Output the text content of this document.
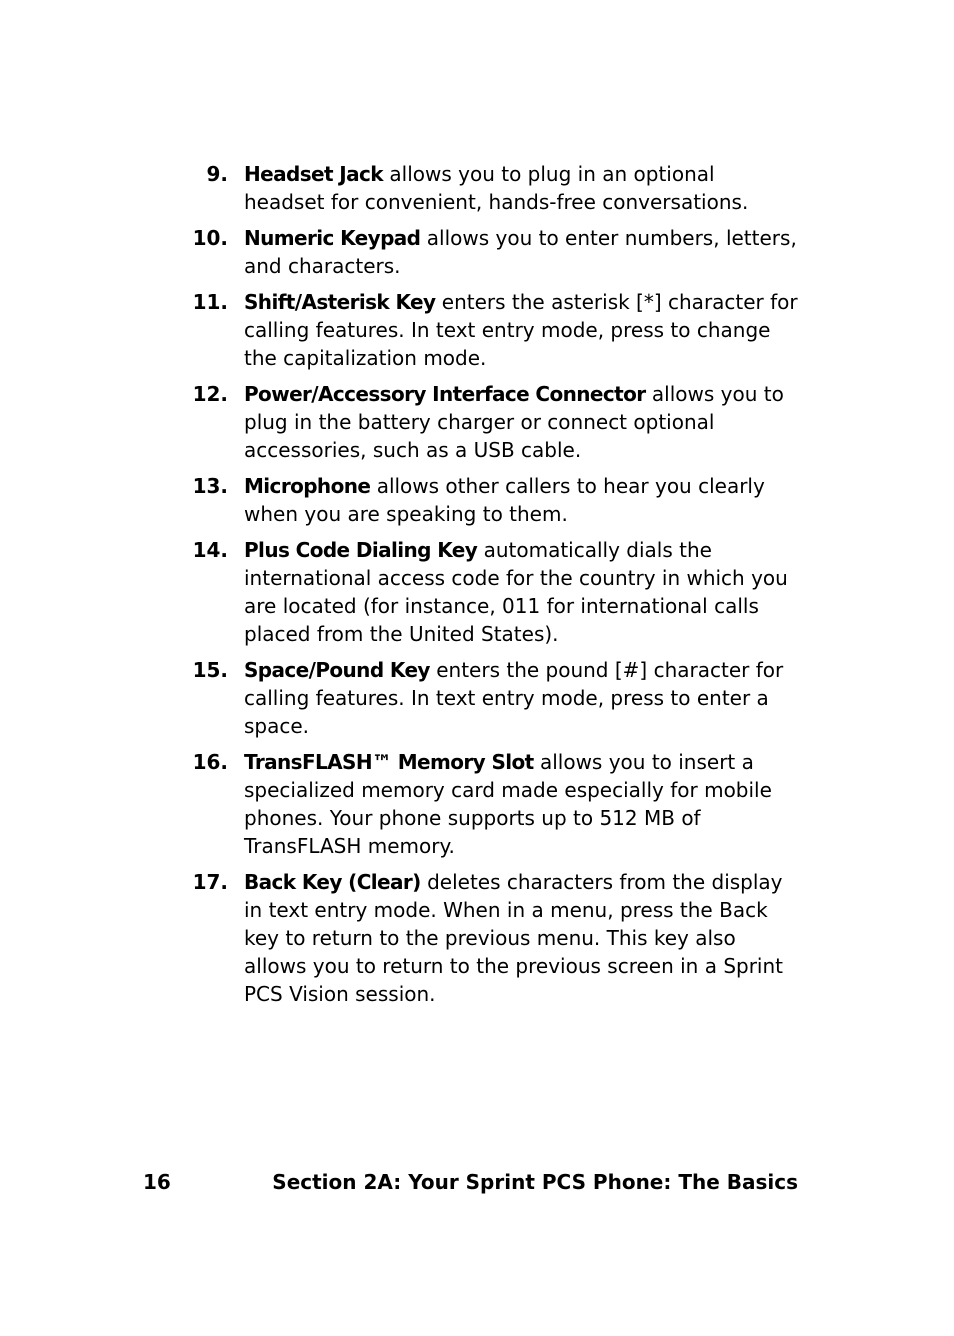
9. Headset Jack allows you to plug in an optional headset for convenient, hands-free conversations.
10. Numeric Keypad allows you to enter numbers, letters, and characters.
11. Shift/Asterisk Key enters the asterisk [*] character for calling features. In text entry mode, press to change the capitalization mode.
12. Power/Accessory Interface Connector allows you to plug in the battery charger or connect optional accessories, such as a USB cable.
13. Microphone allows other callers to hear you clearly when you are speaking to them.
14. Plus Code Dialing Key automatically dials the international access code for the country in which you are located (for instance, 011 for international calls placed from the United States).
15. Space/Pound Key enters the pound [#] character for calling features. In text entry mode, press to enter a space.
16. TransFLASH™ Memory Slot allows you to insert a specialized memory card made especially for mobile phones. Your phone supports up to 512 MB of TransFLASH memory.
17. Back Key (Clear) deletes characters from the display in text entry mode. When in a menu, press the Back key to return to the previous menu. This key also allows you to return to the previous screen in a Sprint PCS Vision session.
16	Section 2A: Your Sprint PCS Phone: The Basics
